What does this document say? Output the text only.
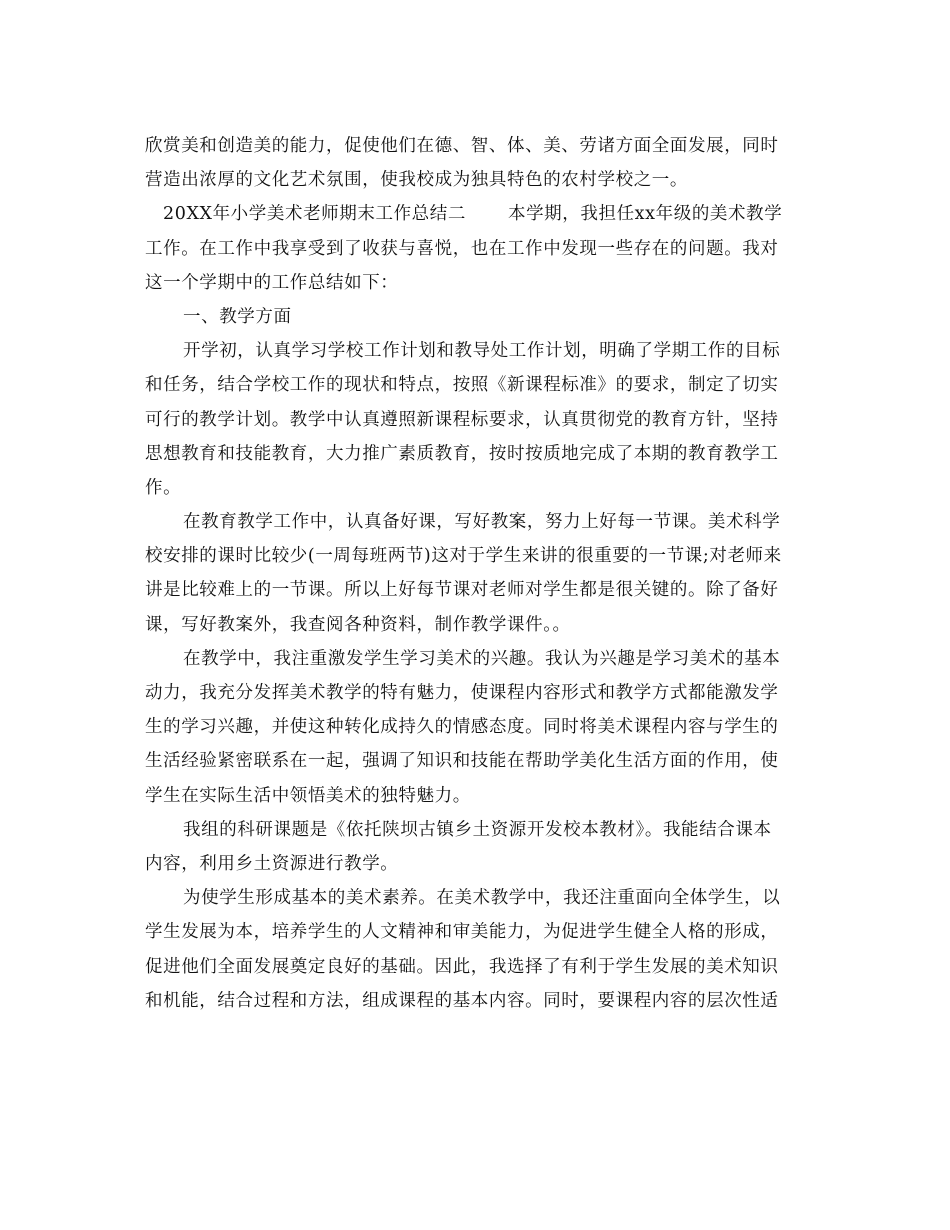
欣赏美和创造美的能力，促使他们在德、智、体、美、劳诸方面全面发展，同时
营造出浓厚的文化艺术氛围，使我校成为独具特色的农村学校之一。
20XX年小学美术老师期末工作总结二 本学期，我担任xx年级的美术教学
工作。在工作中我享受到了收获与喜悦，也在工作中发现一些存在的问题。我对
这一个学期中的工作总结如下：
一、教学方面
开学初，认真学习学校工作计划和教导处工作计划，明确了学期工作的目标
和任务，结合学校工作的现状和特点，按照《新课程标准》的要求，制定了切实
可行的教学计划。教学中认真遵照新课程标要求，认真贯彻党的教育方针，坚持
思想教育和技能教育，大力推广素质教育，按时按质地完成了本期的教育教学工
作。
在教育教学工作中，认真备好课，写好教案，努力上好每一节课。美术科学
校安排的课时比较少(一周每班两节)这对于学生来讲的很重要的一节课;对老师来
讲是比较难上的一节课。所以上好每节课对老师对学生都是很关键的。除了备好
课，写好教案外，我查阅各种资料，制作教学课件。。
在教学中，我注重激发学生学习美术的兴趣。我认为兴趣是学习美术的基本
动力，我充分发挥美术教学的特有魅力，使课程内容形式和教学方式都能激发学
生的学习兴趣，并使这种转化成持久的情感态度。同时将美术课程内容与学生的
生活经验紧密联系在一起，强调了知识和技能在帮助学美化生活方面的作用，使
学生在实际生活中领悟美术的独特魅力。
我组的科研课题是《依托陕坝古镇乡土资源开发校本教材》。我能结合课本
内容，利用乡土资源进行教学。
为使学生形成基本的美术素养。在美术教学中，我还注重面向全体学生，以
学生发展为本，培养学生的人文精神和审美能力，为促进学生健全人格的形成，
促进他们全面发展奠定良好的基础。因此，我选择了有利于学生发展的美术知识
和机能，结合过程和方法，组成课程的基本内容。同时，要课程内容的层次性适
